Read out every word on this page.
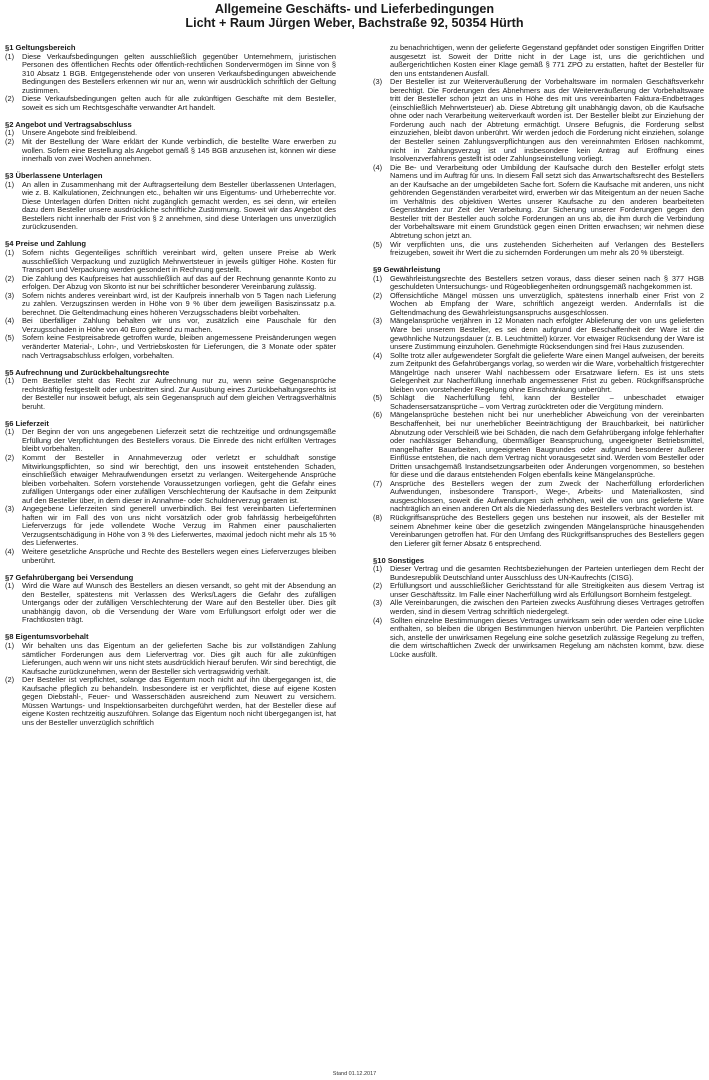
Allgemeine Geschäfts- und Lieferbedingungen
Licht + Raum Jürgen Weber, Bachstraße 92, 50354 Hürth
§1 Geltungsbereich
(1)	Diese Verkaufsbedingungen gelten ausschließlich gegenüber Unternehmern, juristischen Personen des öffentlichen Rechts oder öffentlich-rechtlichen Sondervermögen im Sinne von § 310 Absatz 1 BGB. Entgegenstehende oder von unseren Verkaufsbedingungen abweichende Bedingungen des Bestellers erkennen wir nur an, wenn wir ausdrücklich schriftlich der Geltung zustimmen.
(2)	Diese Verkaufsbedingungen gelten auch für alle zukünftigen Geschäfte mit dem Besteller, soweit es sich um Rechtsgeschäfte verwandter Art handelt.
§2 Angebot und Vertragsabschluss
(1)	Unsere Angebote sind freibleibend.
(2)	Mit der Bestellung der Ware erklärt der Kunde verbindlich, die bestellte Ware erwerben zu wollen. Sofern eine Bestellung als Angebot gemäß § 145 BGB anzusehen ist, können wir diese innerhalb von zwei Wochen annehmen.
§3 Überlassene Unterlagen
(1)	An allen in Zusammenhang mit der Auftragserteilung dem Besteller überlassenen Unterlagen, wie z. B. Kalkulationen, Zeichnungen etc., behalten wir uns Eigentums- und Urheberrechte vor. Diese Unterlagen dürfen Dritten nicht zugänglich gemacht werden, es sei denn, wir erteilen dazu dem Besteller unsere ausdrückliche schriftliche Zustimmung. Soweit wir das Angebot des Bestellers nicht innerhalb der Frist von § 2 annehmen, sind diese Unterlagen uns unverzüglich zurückzusenden.
§4 Preise und Zahlung
(1)	Sofern nichts Gegenteiliges schriftlich vereinbart wird, gelten unsere Preise ab Werk ausschließlich Verpackung und zuzüglich Mehrwertsteuer in jeweils gültiger Höhe. Kosten für Transport und Verpackung werden gesondert in Rechnung gestellt.
(2)	Die Zahlung des Kaufpreises hat ausschließlich auf das auf der Rechnung genannte Konto zu erfolgen. Der Abzug von Skonto ist nur bei schriftlicher besonderer Vereinbarung zulässig.
(3)	Sofern nichts anderes vereinbart wird, ist der Kaufpreis innerhalb von 5 Tagen nach Lieferung zu zahlen. Verzugszinsen werden in Höhe von 9 % über dem jeweiligen Basiszinssatz p.a. berechnet. Die Geltendmachung eines höheren Verzugsschadens bleibt vorbehalten.
(4)	Bei überfälliger Zahlung behalten wir uns vor, zusätzlich eine Pauschale für den Verzugsschaden in Höhe von 40 Euro geltend zu machen.
(5)	Sofern keine Festpreisabrede getroffen wurde, bleiben angemessene Preisänderungen wegen veränderter Material-, Lohn-, und Vertriebskosten für Lieferungen, die 3 Monate oder später nach Vertragsabschluss erfolgen, vorbehalten.
§5 Aufrechnung und Zurückbehaltungsrechte
(1)	Dem Besteller steht das Recht zur Aufrechnung nur zu, wenn seine Gegenansprüche rechtskräftig festgestellt oder unbestritten sind. Zur Ausübung eines Zurückbehaltungsrechts ist der Besteller nur insoweit befugt, als sein Gegenanspruch auf dem gleichen Vertragsverhältnis beruht.
§6 Lieferzeit
(1)	Der Beginn der von uns angegebenen Lieferzeit setzt die rechtzeitige und ordnungsgemäße Erfüllung der Verpflichtungen des Bestellers voraus. Die Einrede des nicht erfüllten Vertrages bleibt vorbehalten.
(2)	Kommt der Besteller in Annahmeverzug oder verletzt er schuldhaft sonstige Mitwirkungspflichten, so sind wir berechtigt, den uns insoweit entstehenden Schaden, einschließlich etwaiger Mehraufwendungen ersetzt zu verlangen. Weitergehende Ansprüche bleiben vorbehalten. Sofern vorstehende Voraussetzungen vorliegen, geht die Gefahr eines zufälligen Untergangs oder einer zufälligen Verschlechterung der Kaufsache in dem Zeitpunkt auf den Besteller über, in dem dieser in Annahme- oder Schuldnerverzug geraten ist.
(3)	Angegebene Lieferzeiten sind generell unverbindlich. Bei fest vereinbarten Lieferterminen haften wir im Fall des von uns nicht vorsätzlich oder grob fahrlässig herbeigeführten Lieferverzugs für jede vollendete Woche Verzug im Rahmen einer pauschalierten Verzugsentschädigung in Höhe von 3 % des Lieferwertes, maximal jedoch nicht mehr als 15 % des Lieferwertes.
(4)	Weitere gesetzliche Ansprüche und Rechte des Bestellers wegen eines Lieferverzuges bleiben unberührt.
§7 Gefahrübergang bei Versendung
(1)	Wird die Ware auf Wunsch des Bestellers an diesen versandt, so geht mit der Absendung an den Besteller, spätestens mit Verlassen des Werks/Lagers die Gefahr des zufälligen Untergangs oder der zufälligen Verschlechterung der Ware auf den Besteller über. Dies gilt unabhängig davon, ob die Versendung der Ware vom Erfüllungsort erfolgt oder wer die Frachtkosten trägt.
§8 Eigentumsvorbehalt
(1)	Wir behalten uns das Eigentum an der gelieferten Sache bis zur vollständigen Zahlung sämtlicher Forderungen aus dem Liefervertrag vor. Dies gilt auch für alle zukünftigen Lieferungen, auch wenn wir uns nicht stets ausdrücklich hierauf berufen. Wir sind berechtigt, die Kaufsache zurückzunehmen, wenn der Besteller sich vertragswidrig verhält.
(2)	Der Besteller ist verpflichtet, solange das Eigentum noch nicht auf ihn übergegangen ist, die Kaufsache pfleglich zu behandeln. Insbesondere ist er verpflichtet, diese auf eigene Kosten gegen Diebstahl-, Feuer- und Wasserschäden ausreichend zum Neuwert zu versichern. Müssen Wartungs- und Inspektionsarbeiten durchgeführt werden, hat der Besteller diese auf eigene Kosten rechtzeitig auszuführen. Solange das Eigentum noch nicht übergegangen ist, hat uns der Besteller unverzüglich schriftlich
zu benachrichtigen, wenn der gelieferte Gegenstand gepfändet oder sonstigen Eingriffen Dritter ausgesetzt ist. Soweit der Dritte nicht in der Lage ist, uns die gerichtlichen und außergerichtlichen Kosten einer Klage gemäß § 771 ZPO zu erstatten, haftet der Besteller für den uns entstandenen Ausfall.
(3)	Der Besteller ist zur Weiterveräußerung der Vorbehaltsware im normalen Geschäftsverkehr berechtigt. Die Forderungen des Abnehmers aus der Weiterveräußerung der Vorbehaltsware tritt der Besteller schon jetzt an uns in Höhe des mit uns vereinbarten Faktura-Endbetrages (einschließlich Mehrwertsteuer) ab. Diese Abtretung gilt unabhängig davon, ob die Kaufsache ohne oder nach Verarbeitung weiterverkauft worden ist. Der Besteller bleibt zur Einziehung der Forderung auch nach der Abtretung ermächtigt. Unsere Befugnis, die Forderung selbst einzuziehen, bleibt davon unberührt. Wir werden jedoch die Forderung nicht einziehen, solange der Besteller seinen Zahlungsverpflichtungen aus den vereinnahmten Erlösen nachkommt, nicht in Zahlungsverzug ist und insbesondere kein Antrag auf Eröffnung eines Insolvenzverfahrens gestellt ist oder Zahlungseinstellung vorliegt.
(4)	Die Be- und Verarbeitung oder Umbildung der Kaufsache durch den Besteller erfolgt stets Namens und im Auftrag für uns. In diesem Fall setzt sich das Anwartschaftsrecht des Bestellers an der Kaufsache an der umgebildeten Sache fort. Sofern die Kaufsache mit anderen, uns nicht gehörenden Gegenständen verarbeitet wird, erwerben wir das Miteigentum an der neuen Sache im Verhältnis des objektiven Wertes unserer Kaufsache zu den anderen bearbeiteten Gegenständen zur Zeit der Verarbeitung. Zur Sicherung unserer Forderungen gegen den Besteller tritt der Besteller auch solche Forderungen an uns ab, die ihm durch die Verbindung der Vorbehaltsware mit einem Grundstück gegen einen Dritten erwachsen; wir nehmen diese Abtretung schon jetzt an.
(5)	Wir verpflichten uns, die uns zustehenden Sicherheiten auf Verlangen des Bestellers freizugeben, soweit ihr Wert die zu sichernden Forderungen um mehr als 20 % übersteigt.
§9 Gewährleistung
(1)	Gewährleistungsrechte des Bestellers setzen voraus, dass dieser seinen nach § 377 HGB geschuldeten Untersuchungs- und Rügeobliegenheiten ordnungsgemäß nachgekommen ist.
(2)	Offensichtliche Mängel müssen uns unverzüglich, spätestens innerhalb einer Frist von 2 Wochen ab Empfang der Ware, schriftlich angezeigt werden. Andernfalls ist die Geltendmachung des Gewährleistungsanspruchs ausgeschlossen.
(3)	Mängelansprüche verjähren in 12 Monaten nach erfolgter Ablieferung der von uns gelieferten Ware bei unserem Besteller, es sei denn aufgrund der Beschaffenheit der Ware ist die gewöhnliche Nutzungsdauer (z. B. Leuchtmittel) kürzer. Vor etwaiger Rücksendung der Ware ist unsere Zustimmung einzuholen. Genehmigte Rücksendungen sind frei Haus zuzusenden.
(4)	Sollte trotz aller aufgewendeter Sorgfalt die gelieferte Ware einen Mangel aufweisen, der bereits zum Zeitpunkt des Gefahrübergangs vorlag, so werden wir die Ware, vorbehaltlich fristgerechter Mängelrüge nach unserer Wahl nachbessern oder Ersatzware liefern. Es ist uns stets Gelegenheit zur Nacherfüllung innerhalb angemessener Frist zu geben. Rückgriffsansprüche bleiben von vorstehender Regelung ohne Einschränkung unberührt.
(5)	Schlägt die Nacherfüllung fehl, kann der Besteller – unbeschadet etwaiger Schadensersatzansprüche – vom Vertrag zurücktreten oder die Vergütung mindern.
(6)	Mängelansprüche bestehen nicht bei nur unerheblicher Abweichung von der vereinbarten Beschaffenheit, bei nur unerheblicher Beeinträchtigung der Brauchbarkeit, bei natürlicher Abnutzung oder Verschleiß wie bei Schäden, die nach dem Gefahrübergang infolge fehlerhafter oder nachlässiger Behandlung, übermäßiger Beanspruchung, ungeeigneter Betriebsmittel, mangelhafter Bauarbeiten, ungeeigneten Baugrundes oder aufgrund besonderer äußerer Einflüsse entstehen, die nach dem Vertrag nicht vorausgesetzt sind. Werden vom Besteller oder Dritten unsachgemäß Instandsetzungsarbeiten oder Änderungen vorgenommen, so bestehen für diese und die daraus entstehenden Folgen ebenfalls keine Mängelansprüche.
(7)	Ansprüche des Bestellers wegen der zum Zweck der Nacherfüllung erforderlichen Aufwendungen, insbesondere Transport-, Wege-, Arbeits- und Materialkosten, sind ausgeschlossen, soweit die Aufwendungen sich erhöhen, weil die von uns gelieferte Ware nachträglich an einen anderen Ort als die Niederlassung des Bestellers verbracht worden ist.
(8)	Rückgriffsansprüche des Bestellers gegen uns bestehen nur insoweit, als der Besteller mit seinem Abnehmer keine über die gesetzlich zwingenden Mängelansprüche hinausgehenden Vereinbarungen getroffen hat. Für den Umfang des Rückgriffsanspruches des Bestellers gegen den Lieferer gilt ferner Absatz 6 entsprechend.
§10 Sonstiges
(1)	Dieser Vertrag und die gesamten Rechtsbeziehungen der Parteien unterliegen dem Recht der Bundesrepublik Deutschland unter Ausschluss des UN-Kaufrechts (CISG).
(2)	Erfüllungsort und ausschließlicher Gerichtsstand für alle Streitigkeiten aus diesem Vertrag ist unser Geschäftssitz. Im Falle einer Nacherfüllung wird als Erfüllungsort Bornheim festgelegt.
(3)	Alle Vereinbarungen, die zwischen den Parteien zwecks Ausführung dieses Vertrages getroffen werden, sind in diesem Vertrag schriftlich niedergelegt.
(4)	Sollten einzelne Bestimmungen dieses Vertrages unwirksam sein oder werden oder eine Lücke enthalten, so bleiben die übrigen Bestimmungen hiervon unberührt. Die Parteien verpflichten sich, anstelle der unwirksamen Regelung eine solche gesetzlich zulässige Regelung zu treffen, die dem wirtschaftlichen Zweck der unwirksamen Regelung am nächsten kommt, bzw. diese Lücke ausfüllt.
Stand 01.12.2017
